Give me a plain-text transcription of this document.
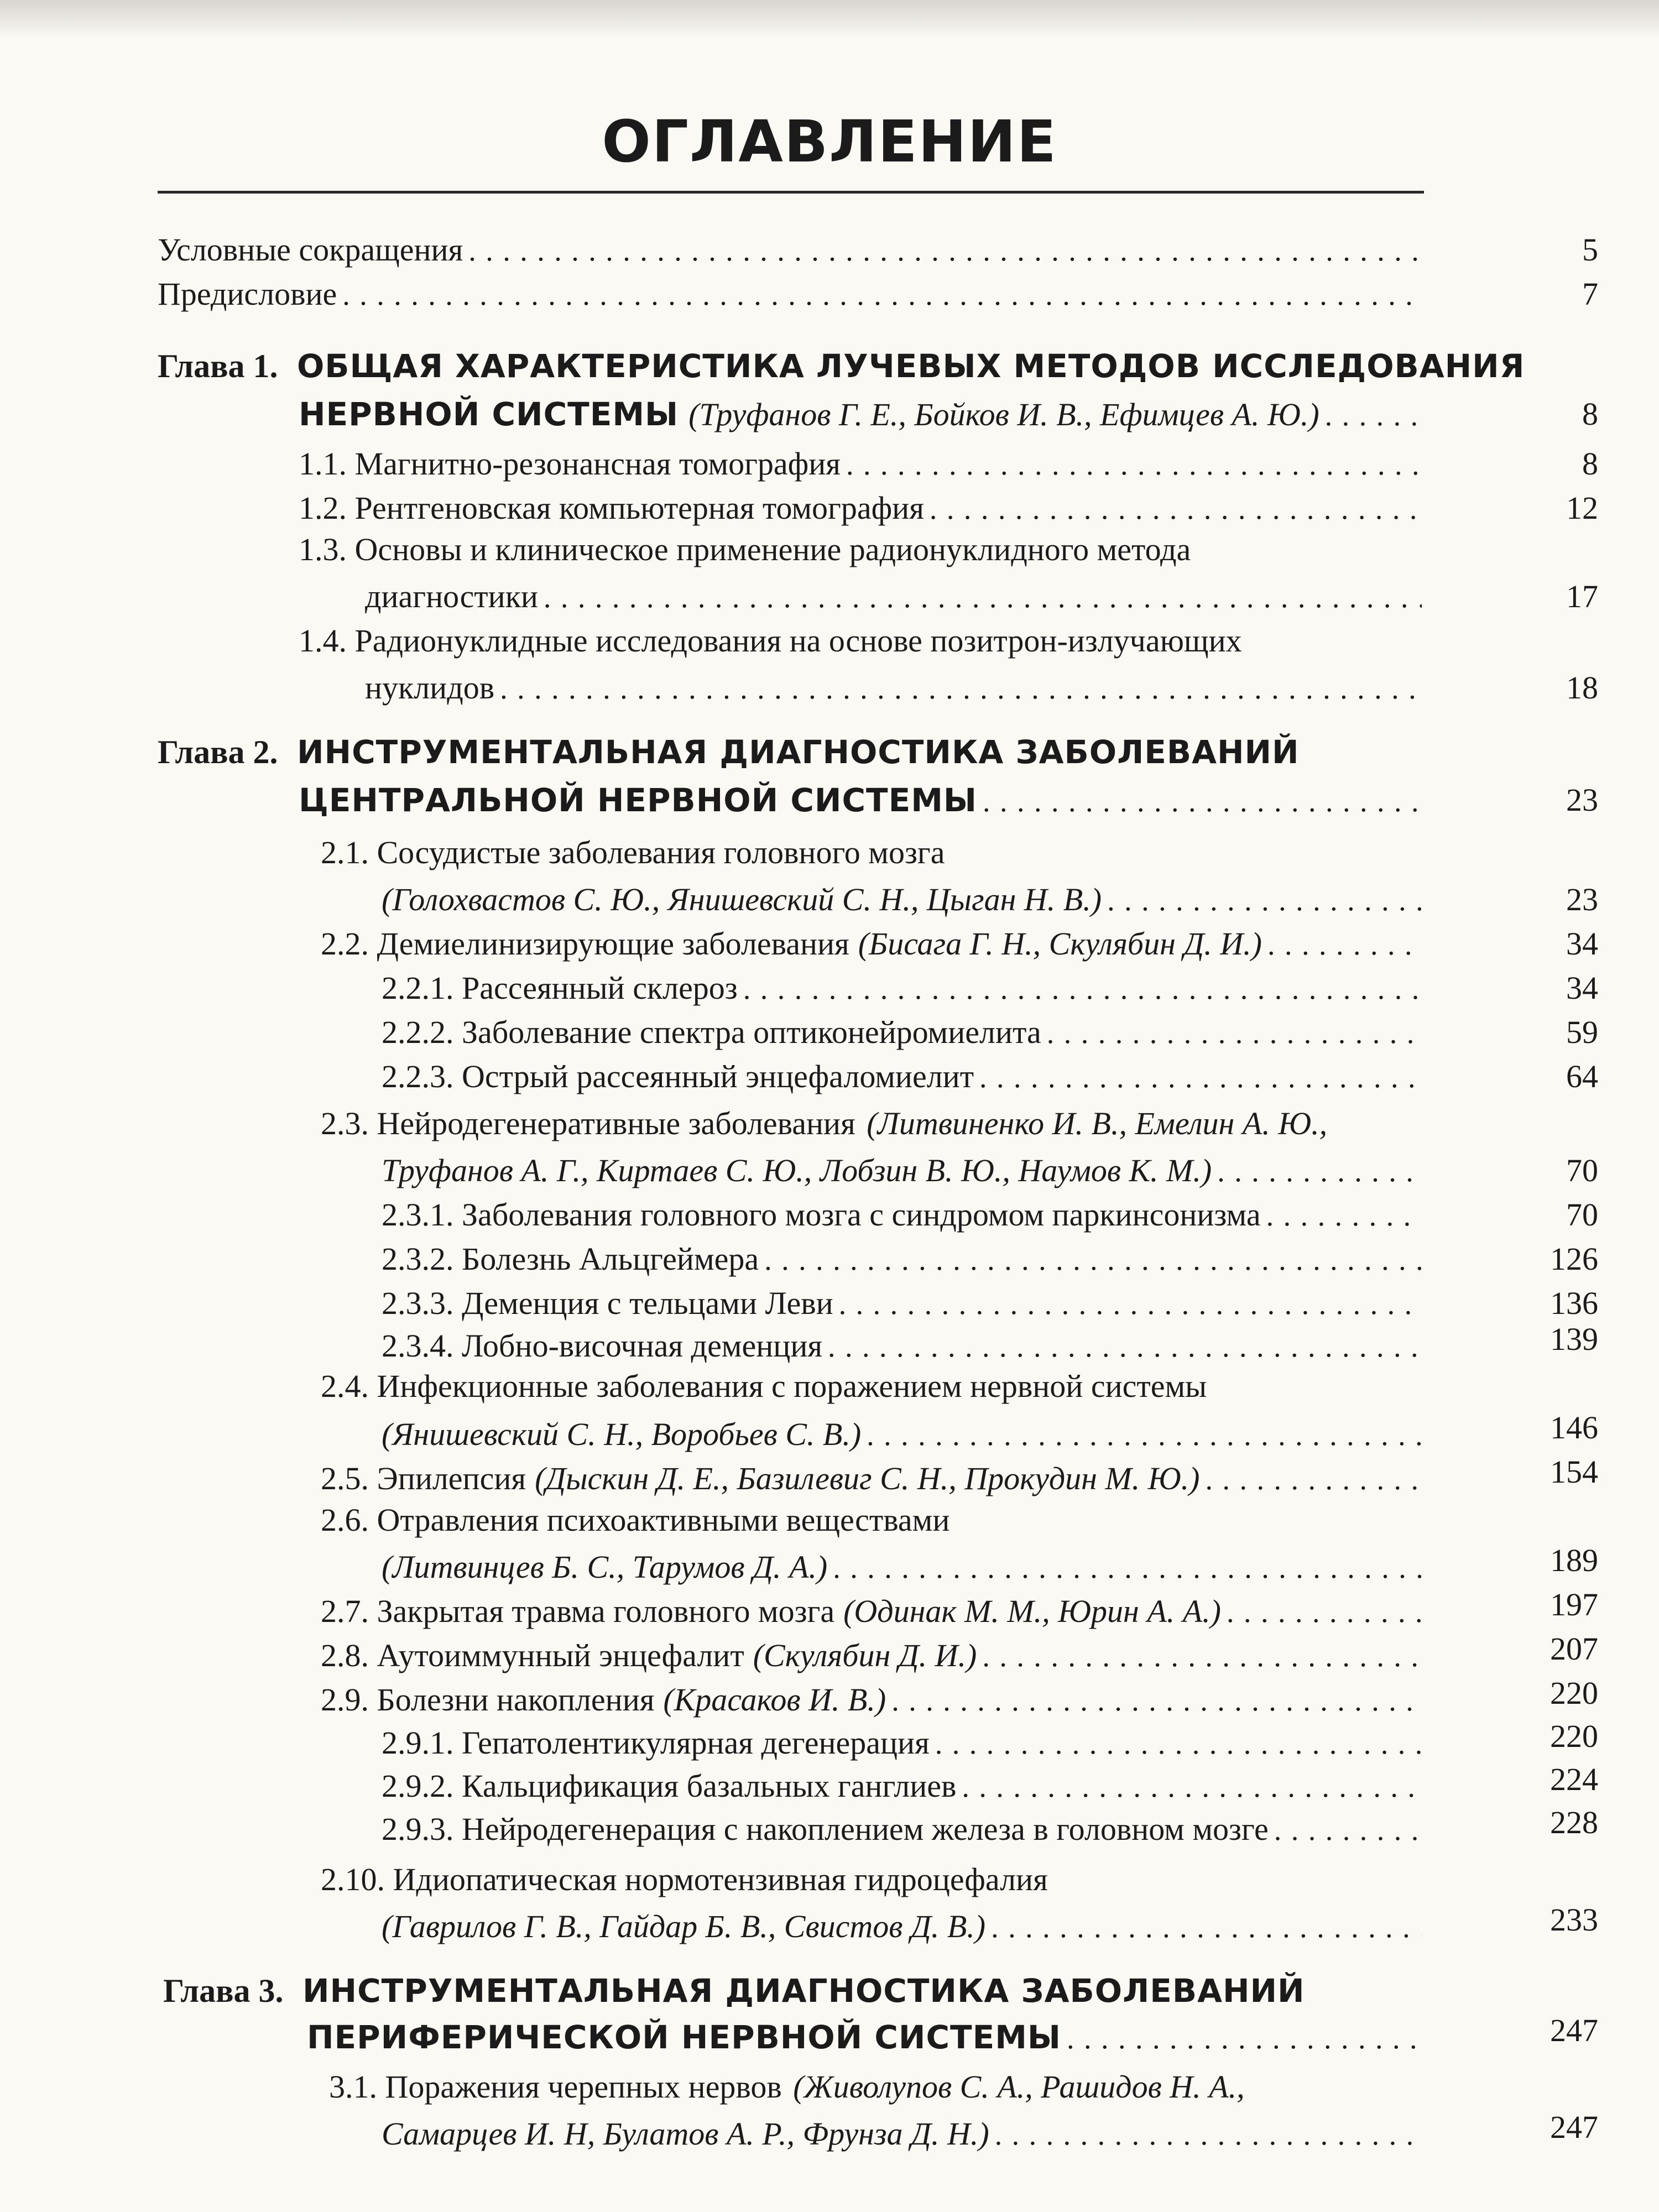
ОГЛАВЛЕНИЕ
Условные сокращения . . .	5
Предисловие . . .	7
Глава 1. ОБЩАЯ ХАРАКТЕРИСТИКА ЛУЧЕВЫХ МЕТОДОВ ИССЛЕДОВАНИЯ
НЕРВНОЙ СИСТЕМЫ (Труфанов Г. Е., Бойков И. В., Ефимцев А. Ю.) . . .	8
1.1. Магнитно-резонансная томография . . .	8
1.2. Рентгеновская компьютерная томография . . .	12
1.3. Основы и клиническое применение радионуклидного метода
диагностики . . .	17
1.4. Радионуклидные исследования на основе позитрон-излучающих
нуклидов . . .	18
Глава 2. ИНСТРУМЕНТАЛЬНАЯ ДИАГНОСТИКА ЗАБОЛЕВАНИЙ
ЦЕНТРАЛЬНОЙ НЕРВНОЙ СИСТЕМЫ . . .	23
2.1. Сосудистые заболевания головного мозга
(Голохвастов С. Ю., Янишевский С. Н., Цыган Н. В.) . . .	23
2.2. Демиелинизирующие заболевания (Бисага Г. Н., Скулябин Д. И.) . . .	34
2.2.1. Рассеянный склероз . . .	34
2.2.2. Заболевание спектра оптиконейромиелита . . .	59
2.2.3. Острый рассеянный энцефаломиелит . . .	64
2.3. Нейродегенеративные заболевания (Литвиненко И. В., Емелин А. Ю.,
Труфанов А. Г., Киртаев С. Ю., Лобзин В. Ю., Наумов К. М.) . . .	70
2.3.1. Заболевания головного мозга с синдромом паркинсонизма . . .	70
2.3.2. Болезнь Альцгеймера . . .	126
2.3.3. Деменция с тельцами Леви . . .	136
2.3.4. Лобно-височная деменция . . .	139
2.4. Инфекционные заболевания с поражением нервной системы
(Янишевский С. Н., Воробьев С. В.) . . .	146
2.5. Эпилепсия (Дыскин Д. Е., Базилевиг С. Н., Прокудин М. Ю.) . . .	154
2.6. Отравления психоактивными веществами
(Литвинцев Б. С., Тарумов Д. А.) . . .	189
2.7. Закрытая травма головного мозга (Одинак М. М., Юрин А. А.) . . .	197
2.8. Аутоиммунный энцефалит (Скулябин Д. И.) . . .	207
2.9. Болезни накопления (Красаков И. В.) . . .	220
2.9.1. Гепатолентикулярная дегенерация . . .	220
2.9.2. Кальцификация базальных ганглиев . . .	224
2.9.3. Нейродегенерация с накоплением железа в головном мозге . . .	228
2.10. Идиопатическая нормотензивная гидроцефалия
(Гаврилов Г. В., Гайдар Б. В., Свистов Д. В.) . . .	233
Глава 3. ИНСТРУМЕНТАЛЬНАЯ ДИАГНОСТИКА ЗАБОЛЕВАНИЙ
ПЕРИФЕРИЧЕСКОЙ НЕРВНОЙ СИСТЕМЫ . . .	247
3.1. Поражения черепных нервов (Живолупов С. А., Рашидов Н. А.,
Самарцев И. Н, Булатов А. Р., Фрунза Д. Н.) . . .	247
